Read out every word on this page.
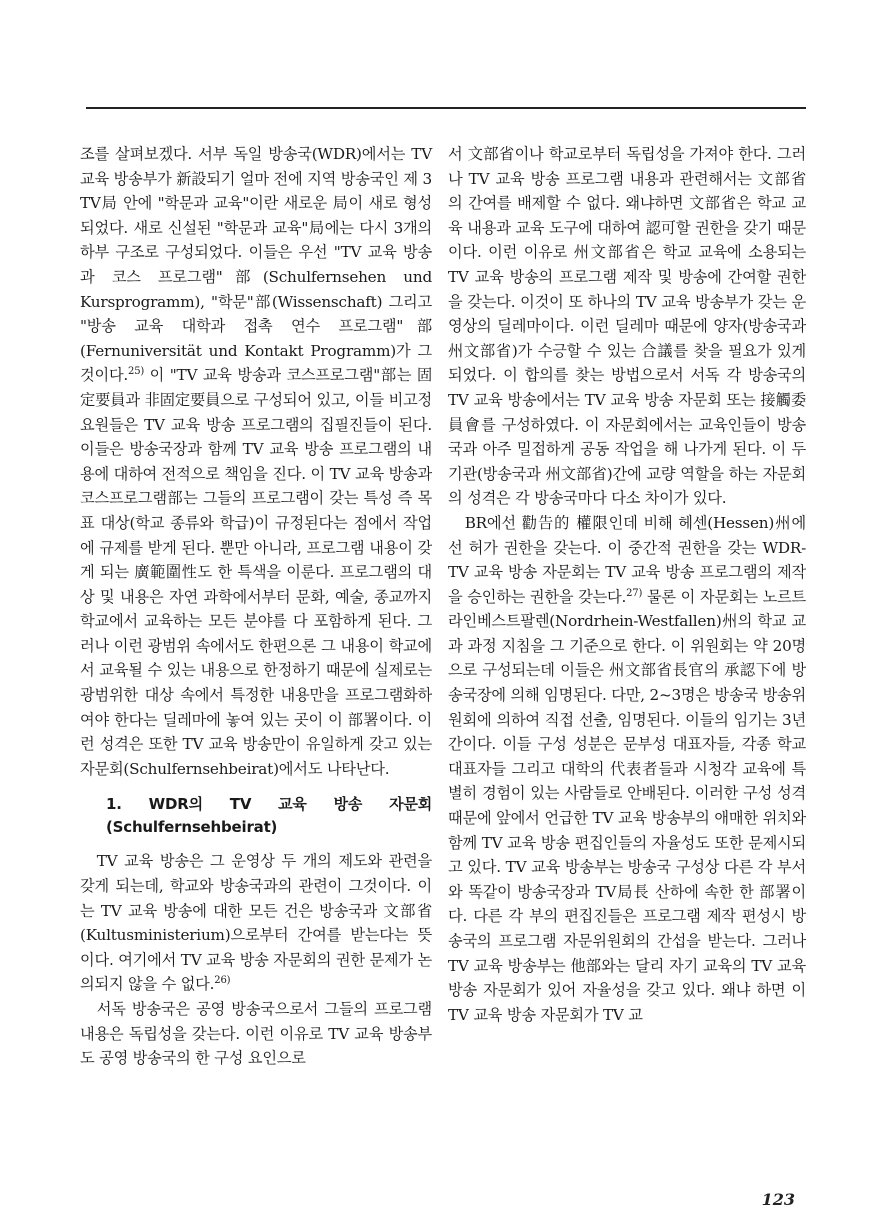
조를 살펴보겠다. 서부 독일 방송국(WDR)에서는 TV 교육 방송부가 新設되기 얼마 전에 지역 방송국인 제 3 TV局 안에 "학문과 교육"이란 새로운 局이 새로 형성되었다. 새로 신설된 "학문과 교육"局에는 다시 3개의 하부 구조로 구성되었다. 이들은 우선 "TV 교육 방송과 코스 프로그램"部(Schulfernsehen und Kursprogramm), "학문"部(Wissenschaft) 그리고 "방송 교육 대학과 접촉 연수 프로그램"部(Fernuniversität und Kontakt Programm)가 그것이다.$^{25)}$ 이 "TV 교육 방송과 코스프로그램"部는 固定要員과 非固定要員으로 구성되어 있고, 이들 비고정 요원들은 TV 교육 방송 프로그램의 집필진들이 된다. 이들은 방송국장과 함께 TV 교육 방송 프로그램의 내용에 대하여 전적으로 책임을 진다. 이 TV 교육 방송과 코스프로그램部는 그들의 프로그램이 갖는 특성 즉 목표 대상(학교 종류와 학급)이 규정된다는 점에서 작업에 규제를 받게 된다. 뿐만 아니라, 프로그램 내용이 갖게 되는 廣範圍性도 한 특색을 이룬다. 프로그램의 대상 및 내용은 자연 과학에서부터 문화, 예술, 종교까지 학교에서 교육하는 모든 분야를 다 포함하게 된다. 그러나 이런 광범위 속에서도 한편으론 그 내용이 학교에서 교육될 수 있는 내용으로 한정하기 때문에 실제로는 광범위한 대상 속에서 특정한 내용만을 프로그램화하여야 한다는 딜레마에 놓여 있는 곳이 이 部署이다. 이런 성격은 또한 TV 교육 방송만이 유일하게 갖고 있는 자문회(Schulfernsehbeirat)에서도 나타난다.

1. WDR의 TV 교육 방송 자문회(Schulfernsehbeirat)

TV 교육 방송은 그 운영상 두 개의 제도와 관련을 갖게 되는데, 학교와 방송국과의 관련이 그것이다. 이는 TV 교육 방송에 대한 모든 건은 방송국과 文部省(Kultusministerium)으로부터 간여를 받는다는 뜻이다. 여기에서 TV 교육 방송 자문회의 권한 문제가 논의되지 않을 수 없다.$^{26)}$

서독 방송국은 공영 방송국으로서 그들의 프로그램 내용은 독립성을 갖는다. 이런 이유로 TV 교육 방송부도 공영 방송국의 한 구성 요인으로

서 文部省이나 학교로부터 독립성을 가져야 한다. 그러나 TV 교육 방송 프로그램 내용과 관련해서는 文部省의 간여를 배제할 수 없다. 왜냐하면 文部省은 학교 교육 내용과 교육 도구에 대하여 認可할 권한을 갖기 때문이다. 이런 이유로 州文部省은 학교 교육에 소용되는 TV 교육 방송의 프로그램 제작 및 방송에 간여할 권한을 갖는다. 이것이 또 하나의 TV 교육 방송부가 갖는 운영상의 딜레마이다. 이런 딜레마 때문에 양자(방송국과 州文部省)가 수긍할 수 있는 合議를 찾을 필요가 있게 되었다. 이 합의를 찾는 방법으로서 서독 각 방송국의 TV 교육 방송에서는 TV 교육 방송 자문회 또는 接觸委員會를 구성하였다. 이 자문회에서는 교육인들이 방송국과 아주 밀접하게 공동 작업을 해 나가게 된다. 이 두 기관(방송국과 州文部省)간에 교량 역할을 하는 자문회의 성격은 각 방송국마다 다소 차이가 있다.

BR에선 勸告的 權限인데 비해 헤센(Hessen)州에선 허가 권한을 갖는다. 이 중간적 권한을 갖는 WDR-TV 교육 방송 자문회는 TV 교육 방송 프로그램의 제작을 승인하는 권한을 갖는다.$^{27)}$ 물론 이 자문회는 노르트라인베스트팔렌(Nordrhein-Westfallen)州의 학교 교과 과정 지침을 그 기준으로 한다. 이 위원회는 약 20명으로 구성되는데 이들은 州文部省長官의 承認下에 방송국장에 의해 임명된다. 다만, 2~3명은 방송국 방송위원회에 의하여 직접 선출, 임명된다. 이들의 임기는 3년간이다. 이들 구성 성분은 문부성 대표자들, 각종 학교 대표자들 그리고 대학의 代表者들과 시청각 교육에 특별히 경험이 있는 사람들로 안배된다. 이러한 구성 성격 때문에 앞에서 언급한 TV 교육 방송부의 애매한 위치와 함께 TV 교육 방송 편집인들의 자율성도 또한 문제시되고 있다. TV 교육 방송부는 방송국 구성상 다른 각 부서와 똑같이 방송국장과 TV局長 산하에 속한 한 部署이다. 다른 각 부의 편집진들은 프로그램 제작 편성시 방송국의 프로그램 자문위원회의 간섭을 받는다. 그러나 TV 교육 방송부는 他部와는 달리 자기 교육의 TV 교육 방송 자문회가 있어 자율성을 갖고 있다. 왜냐 하면 이TV 교육 방송 자문회가 TV 교

123
